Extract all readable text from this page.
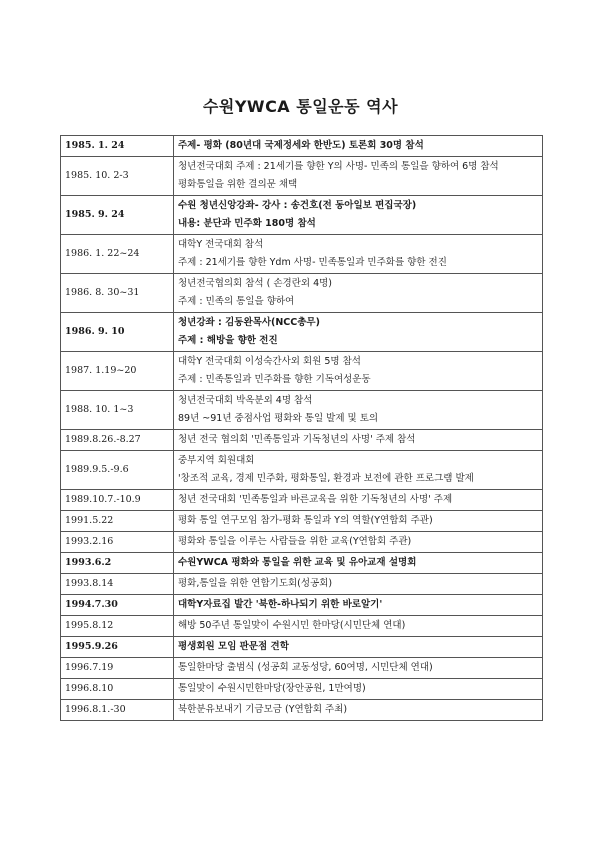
수원YWCA 통일운동 역사
1985. 1. 24	주제- 평화 (80년대 국제정세와 한반도) 토론회 30명 참석

1985. 10. 2-3	청년전국대회 주제 : 21세기를 향한 Y의 사명- 민족의 통일을 향하여 6명 참석
평화통일을 위한 결의문 채택

1985. 9. 24	수원 청년신앙강좌- 강사 : 송건호(전 동아일보 편집국장)
내용: 분단과 민주화 180명 참석

1986. 1. 22~24	대학Y 전국대회 참석
주제 : 21세기를 향한 Ydm 사명- 민족통일과 민주화를 향한 전진

1986. 8. 30~31	청년전국협의회 참석 ( 손경란외 4명)
주제 : 민족의 통일을 향하여

1986. 9. 10	청년강좌 : 김동완목사(NCC총무)
주제 : 해방을 향한 전진

1987. 1.19~20	대학Y 전국대회 이성숙간사외 회원 5명 참석
주제 : 민족통일과 민주화를 향한 기독여성운동

1988. 10. 1~3	청년전국대회 박옥분외 4명 참석
89년 ~91년 중점사업 평화와 통일 발제 및 토의

1989.8.26.-8.27	청년 전국 협의회 '민족통일과 기독청년의 사명' 주제 참석

1989.9.5.-9.6	중부지역 회원대회
'창조적 교육, 경제 민주화, 평화통일, 환경과 보전에 관한 프로그램 발제

1989.10.7.-10.9	청년 전국대회 '민족통일과 바른교육을 위한 기독청년의 사명' 주제

1991.5.22	평화 통일 연구모임 참가-평화 통일과 Y의 역할(Y연합회 주관)

1993.2.16	평화와 통일을 이루는 사람들을 위한 교육(Y연합회 주관)

1993.6.2	수원YWCA 평화와 통일을 위한 교육 및 유아교재 설명회

1993.8.14	평화,통일을 위한 연합기도회(성공회)

1994.7.30	대학Y자료집 발간 '북한-하나되기 위한 바로알기'

1995.8.12	해방 50주년 통일맞이 수원시민 한마당(시민단체 연대)

1995.9.26	평생회원 모임 판문점 견학

1996.7.19	통일한마당 출범식 (성공회 교동성당, 60여명, 시민단체 연대)

1996.8.10	통일맞이 수원시민한마당(장안공원, 1만여명)

1996.8.1.-30	북한분유보내기 기금모금 (Y연합회 주최)
